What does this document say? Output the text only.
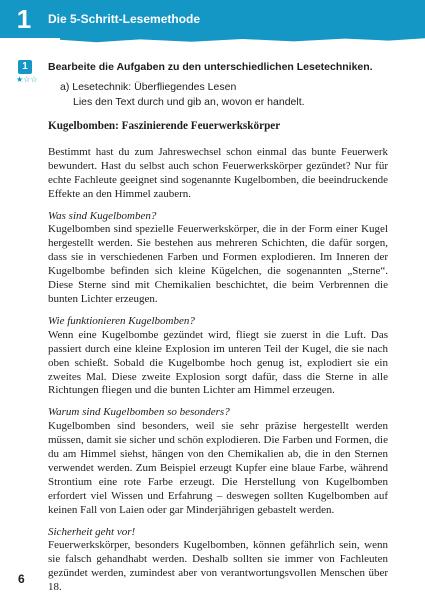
1	Die 5-Schritt-Lesemethode
1
★☆☆
Bearbeite die Aufgaben zu den unterschiedlichen Lesetechniken.
a) Lesetechnik: Überfliegendes Lesen
Lies den Text durch und gib an, wovon er handelt.
Kugelbomben: Faszinierende Feuerwerkskörper

Bestimmt hast du zum Jahreswechsel schon einmal das bunte Feuerwerk bewundert. Hast du selbst auch schon Feuerwerkskörper gezündet? Nur für echte Fachleute geeignet sind sogenannte Kugelbomben, die beeindruckende Effekte an den Himmel zaubern.

Was sind Kugelbomben?

Kugelbomben sind spezielle Feuerwerkskörper, die in der Form einer Kugel hergestellt werden. Sie bestehen aus mehreren Schichten, die dafür sorgen, dass sie in verschiedenen Farben und Formen explodieren. Im Inneren der Kugelbombe befinden sich kleine Kügelchen, die sogenannten „Sterne“. Diese Sterne sind mit Chemikalien beschichtet, die beim Verbrennen die bunten Lichter erzeugen.

Wie funktionieren Kugelbomben?

Wenn eine Kugelbombe gezündet wird, fliegt sie zuerst in die Luft. Das passiert durch eine kleine Explosion im unteren Teil der Kugel, die sie nach oben schießt. Sobald die Kugelbombe hoch genug ist, explodiert sie ein zweites Mal. Diese zweite Explosion sorgt dafür, dass die Sterne in alle Richtungen fliegen und die bunten Lichter am Himmel erzeugen.

Warum sind Kugelbomben so besonders?

Kugelbomben sind besonders, weil sie sehr präzise hergestellt werden müssen, damit sie sicher und schön explodieren. Die Farben und Formen, die du am Himmel siehst, hängen von den Chemikalien ab, die in den Sternen verwendet werden. Zum Beispiel erzeugt Kupfer eine blaue Farbe, während Strontium eine rote Farbe erzeugt. Die Herstellung von Kugelbomben erfordert viel Wissen und Erfahrung – deswegen sollten Kugelbomben auf keinen Fall von Laien oder gar Minderjährigen gebastelt werden.

Sicherheit geht vor!

Feuerwerkskörper, besonders Kugelbomben, können gefährlich sein, wenn sie falsch gehandhabt werden. Deshalb sollten sie immer von Fachleuten gezündet werden, zumindest aber von verantwortungsvollen Menschen über 18.

6
